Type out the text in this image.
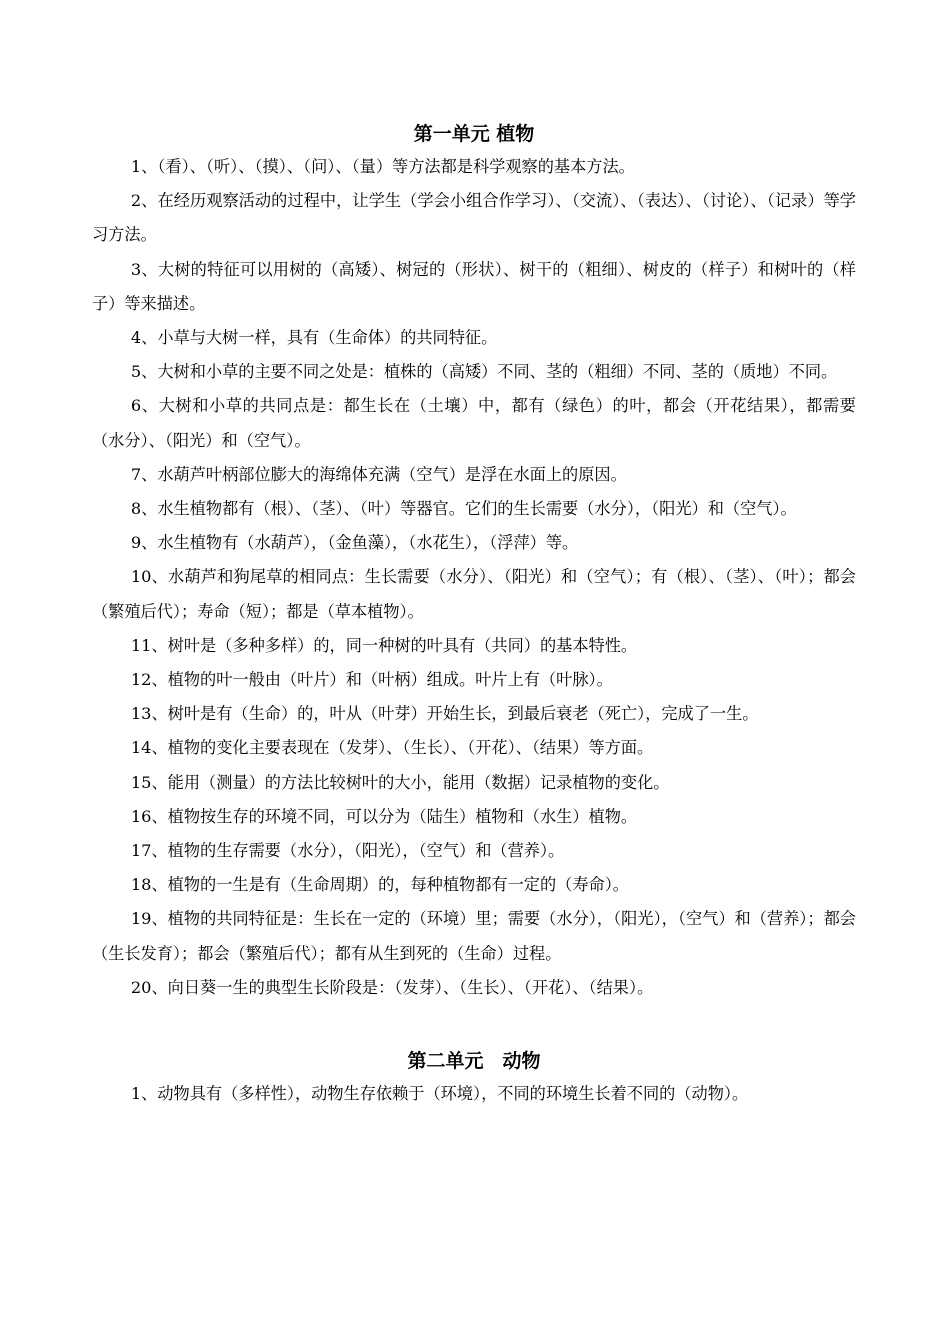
第一单元 植物

1、（看）、（听）、（摸）、（问）、（量）等方法都是科学观察的基本方法。

2、在经历观察活动的过程中，让学生（学会小组合作学习）、（交流）、（表达）、（讨论）、（记录）等学习方法。

3、大树的特征可以用树的（高矮）、树冠的（形状）、树干的（粗细）、树皮的（样子）和树叶的（样子）等来描述。

4、小草与大树一样，具有（生命体）的共同特征。

5、大树和小草的主要不同之处是：植株的（高矮）不同、茎的（粗细）不同、茎的（质地）不同。

6、大树和小草的共同点是：都生长在（土壤）中，都有（绿色）的叶，都会（开花结果），都需要（水分）、（阳光）和（空气）。

7、水葫芦叶柄部位膨大的海绵体充满（空气）是浮在水面上的原因。

8、水生植物都有（根）、（茎）、（叶）等器官。它们的生长需要（水分），（阳光）和（空气）。

9、水生植物有（水葫芦），（金鱼藻），（水花生），（浮萍）等。

10、水葫芦和狗尾草的相同点：生长需要（水分）、（阳光）和（空气）；有（根）、（茎）、（叶）；都会（繁殖后代）；寿命（短）；都是（草本植物）。

11、树叶是（多种多样）的，同一种树的叶具有（共同）的基本特性。

12、植物的叶一般由（叶片）和（叶柄）组成。叶片上有（叶脉）。

13、树叶是有（生命）的，叶从（叶芽）开始生长，到最后衰老（死亡），完成了一生。

14、植物的变化主要表现在（发芽）、（生长）、（开花）、（结果）等方面。

15、能用（测量）的方法比较树叶的大小，能用（数据）记录植物的变化。

16、植物按生存的环境不同，可以分为（陆生）植物和（水生）植物。

17、植物的生存需要（水分），（阳光），（空气）和（营养）。

18、植物的一生是有（生命周期）的，每种植物都有一定的（寿命）。

19、植物的共同特征是：生长在一定的（环境）里；需要（水分），（阳光），（空气）和（营养）；都会（生长发育）；都会（繁殖后代）；都有从生到死的（生命）过程。

20、向日葵一生的典型生长阶段是：（发芽）、（生长）、（开花）、（结果）。

第二单元　动物

1、动物具有（多样性），动物生存依赖于（环境），不同的环境生长着不同的（动物）。
